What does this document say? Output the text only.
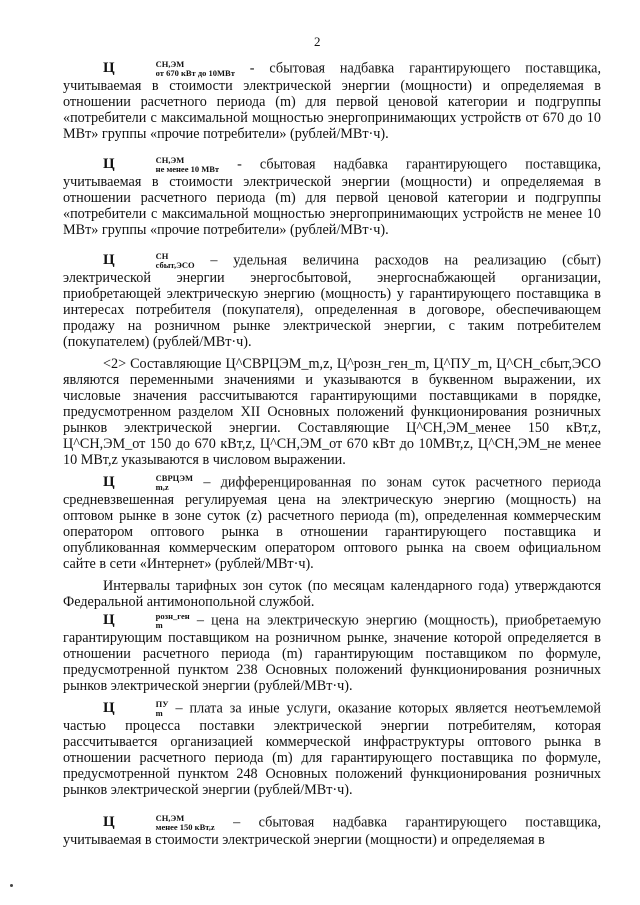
2

Ц	СН,ЭМ
от 670 кВт до 10МВт - сбытовая надбавка гарантирующего поставщика, учитываемая в стоимости электрической энергии (мощности) и определяемая в отношении расчетного периода (m) для первой ценовой категории и подгруппы «потребители с максимальной мощностью энергопринимающих устройств от 670 до 10 МВт» группы «прочие потребители» (рублей/МВт·ч).

Ц	СН,ЭМ
не менее 10 МВт - сбытовая надбавка гарантирующего поставщика, учитываемая в стоимости электрической энергии (мощности) и определяемая в отношении расчетного периода (m) для первой ценовой категории и подгруппы «потребители с максимальной мощностью энергопринимающих устройств не менее 10 МВт» группы «прочие потребители» (рублей/МВт·ч).

Ц	СН
сбыт,ЭСО – удельная величина расходов на реализацию (сбыт) электрической энергии энергосбытовой, энергоснабжающей организации, приобретающей электрическую энергию (мощность) у гарантирующего поставщика в интересах потребителя (покупателя), определенная в договоре, обеспечивающем продажу на розничном рынке электрической энергии, с таким потребителем (покупателем) (рублей/МВт·ч).

<2> Составляющие Ц^СВРЦЭМ_m,z, Ц^розн_ген_m, Ц^ПУ_m, Ц^СН_сбыт,ЭСО являются переменными значениями и указываются в буквенном выражении, их числовые значения рассчитываются гарантирующими поставщиками в порядке, предусмотренном разделом XII Основных положений функционирования розничных рынков электрической энергии. Составляющие Ц^СН,ЭМ_менее 150 кВт,z, Ц^СН,ЭМ_от 150 до 670 кВт,z, Ц^СН,ЭМ_от 670 кВт до 10МВт,z, Ц^СН,ЭМ_не менее 10 МВт,z указываются в числовом выражении.

Ц	СВРЦЭМ
m,z	– дифференцированная по зонам суток расчетного периода средневзвешенная регулируемая цена на электрическую энергию (мощность) на оптовом рынке в зоне суток (z) расчетного периода (m), определенная коммерческим оператором оптового рынка в отношении гарантирующего поставщика и опубликованная коммерческим оператором оптового рынка на своем официальном сайте в сети «Интернет» (рублей/МВт·ч).

Интервалы тарифных зон суток (по месяцам календарного года) утверждаются Федеральной антимонопольной службой.

Ц	розн_ген
m	– цена на электрическую энергию (мощность), приобретаемую гарантирующим поставщиком на розничном рынке, значение которой определяется в отношении расчетного периода (m) гарантирующим поставщиком по формуле, предусмотренной пунктом 238 Основных положений функционирования розничных рынков электрической энергии (рублей/МВт·ч).

Ц	ПУ
m – плата за иные услуги, оказание которых является неотъемлемой частью процесса поставки электрической энергии потребителям, которая рассчитывается организацией коммерческой инфраструктуры оптового рынка в отношении расчетного периода (m) для гарантирующего поставщика по формуле, предусмотренной пунктом 248 Основных положений функционирования розничных рынков электрической энергии (рублей/МВт·ч).

Ц	СН,ЭМ
менее 150 кВт,z – сбытовая надбавка гарантирующего поставщика, учитываемая в стоимости электрической энергии (мощности) и определяемая в
